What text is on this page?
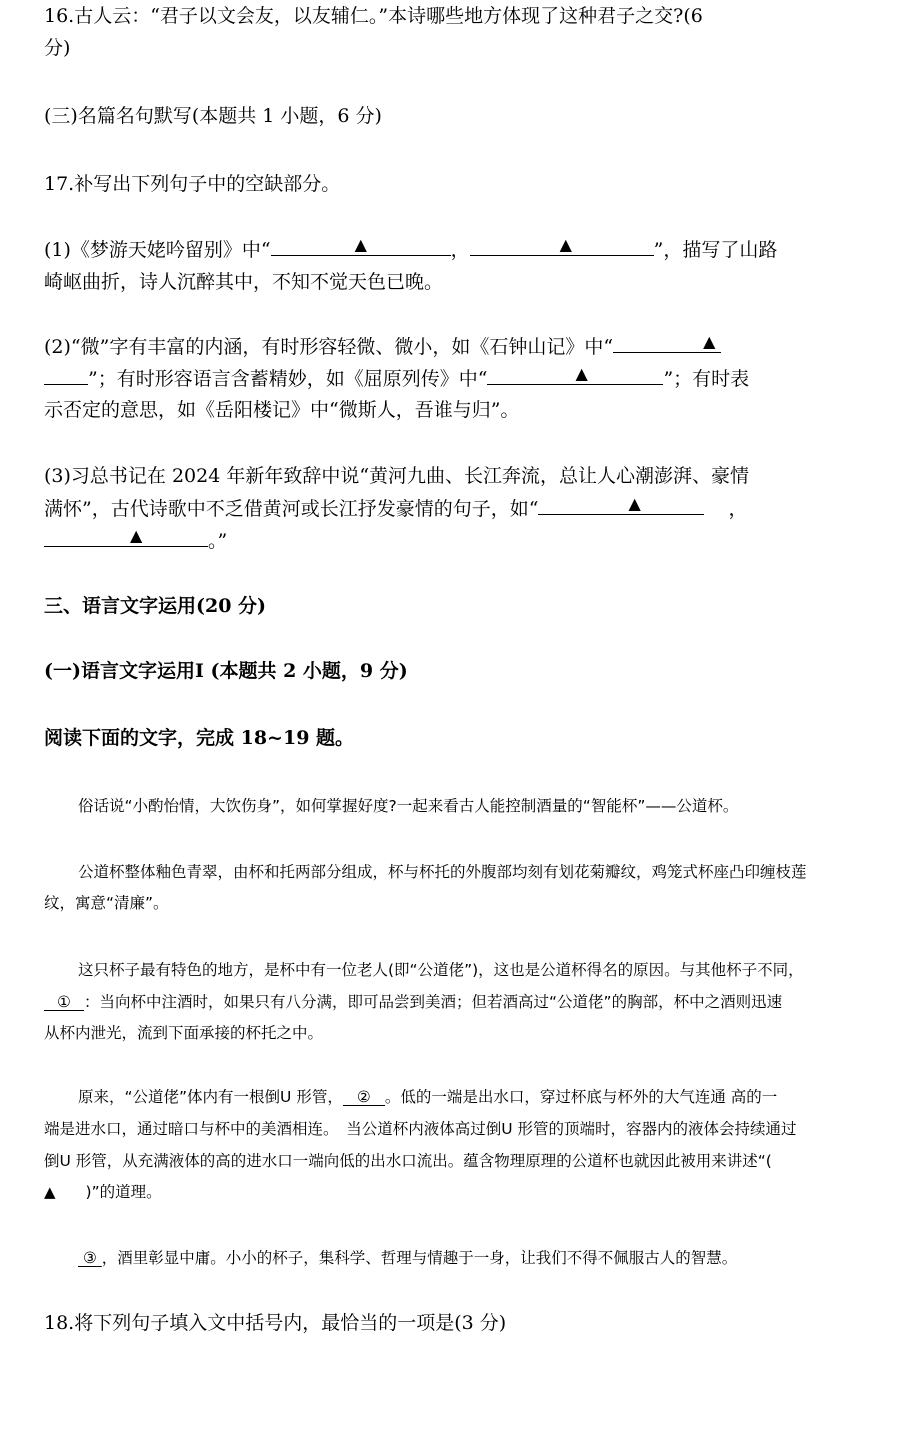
16.古人云：“君子以文会友，以友辅仁。”本诗哪些地方体现了这种君子之交?(6
分)
(三)名篇名句默写(本题共 1 小题，6 分)
17.补写出下列句子中的空缺部分。
(1)《梦游天姥吟留别》中“	▲	，	▲	”，描写了山路
崎岖曲折，诗人沉醉其中，不知不觉天色已晚。
(2)“微”字有丰富的内涵，有时形容轻微、微小，如《石钟山记》中“	▲
”；有时形容语言含蓄精妙，如《屈原列传》中“	▲	”；有时表
示否定的意思，如《岳阳楼记》中“微斯人，吾谁与归”。
(3)习总书记在 2024 年新年致辞中说“黄河九曲、长江奔流，总让人心潮澎湃、豪情
满怀”，古代诗歌中不乏借黄河或长江抒发豪情的句子，如“	▲	，
▲	。”
三、语言文字运用(20 分)
(一)语言文字运用Ⅰ (本题共 2 小题，9 分)
阅读下面的文字，完成 18~19 题。
俗话说“小酌怡情，大饮伤身”，如何掌握好度?一起来看古人能控制酒量的“智能杯”——公道杯。
公道杯整体釉色青翠，由杯和托两部分组成，杯与杯托的外腹部均刻有划花菊瓣纹，鸡笼式杯座凸印缠枝莲
纹，寓意“清廉”。
这只杯子最有特色的地方，是杯中有一位老人(即“公道佬”)，这也是公道杯得名的原因。与其他杯子不同，
① ：当向杯中注酒时，如果只有八分满，即可品尝到美酒；但若酒高过“公道佬”的胸部，杯中之酒则迅速
从杯内泄光，流到下面承接的杯托之中。
原来，“公道佬”体内有一根倒U 形管， ② 。低的一端是出水口，穿过杯底与杯外的大气连通 高的一
端是进水口，通过暗口与杯中的美酒相连。　当公道杯内液体高过倒U 形管的顶端时，容器内的液体会持续通过
倒U 形管，从充满液体的高的进水口一端向低的出水口流出。蕴含物理原理的公道杯也就因此被用来讲述“(
▲ )”的道理。
③ ，酒里彰显中庸。小小的杯子，集科学、哲理与情趣于一身，让我们不得不佩服古人的智慧。
18.将下列句子填入文中括号内，最恰当的一项是(3 分)
